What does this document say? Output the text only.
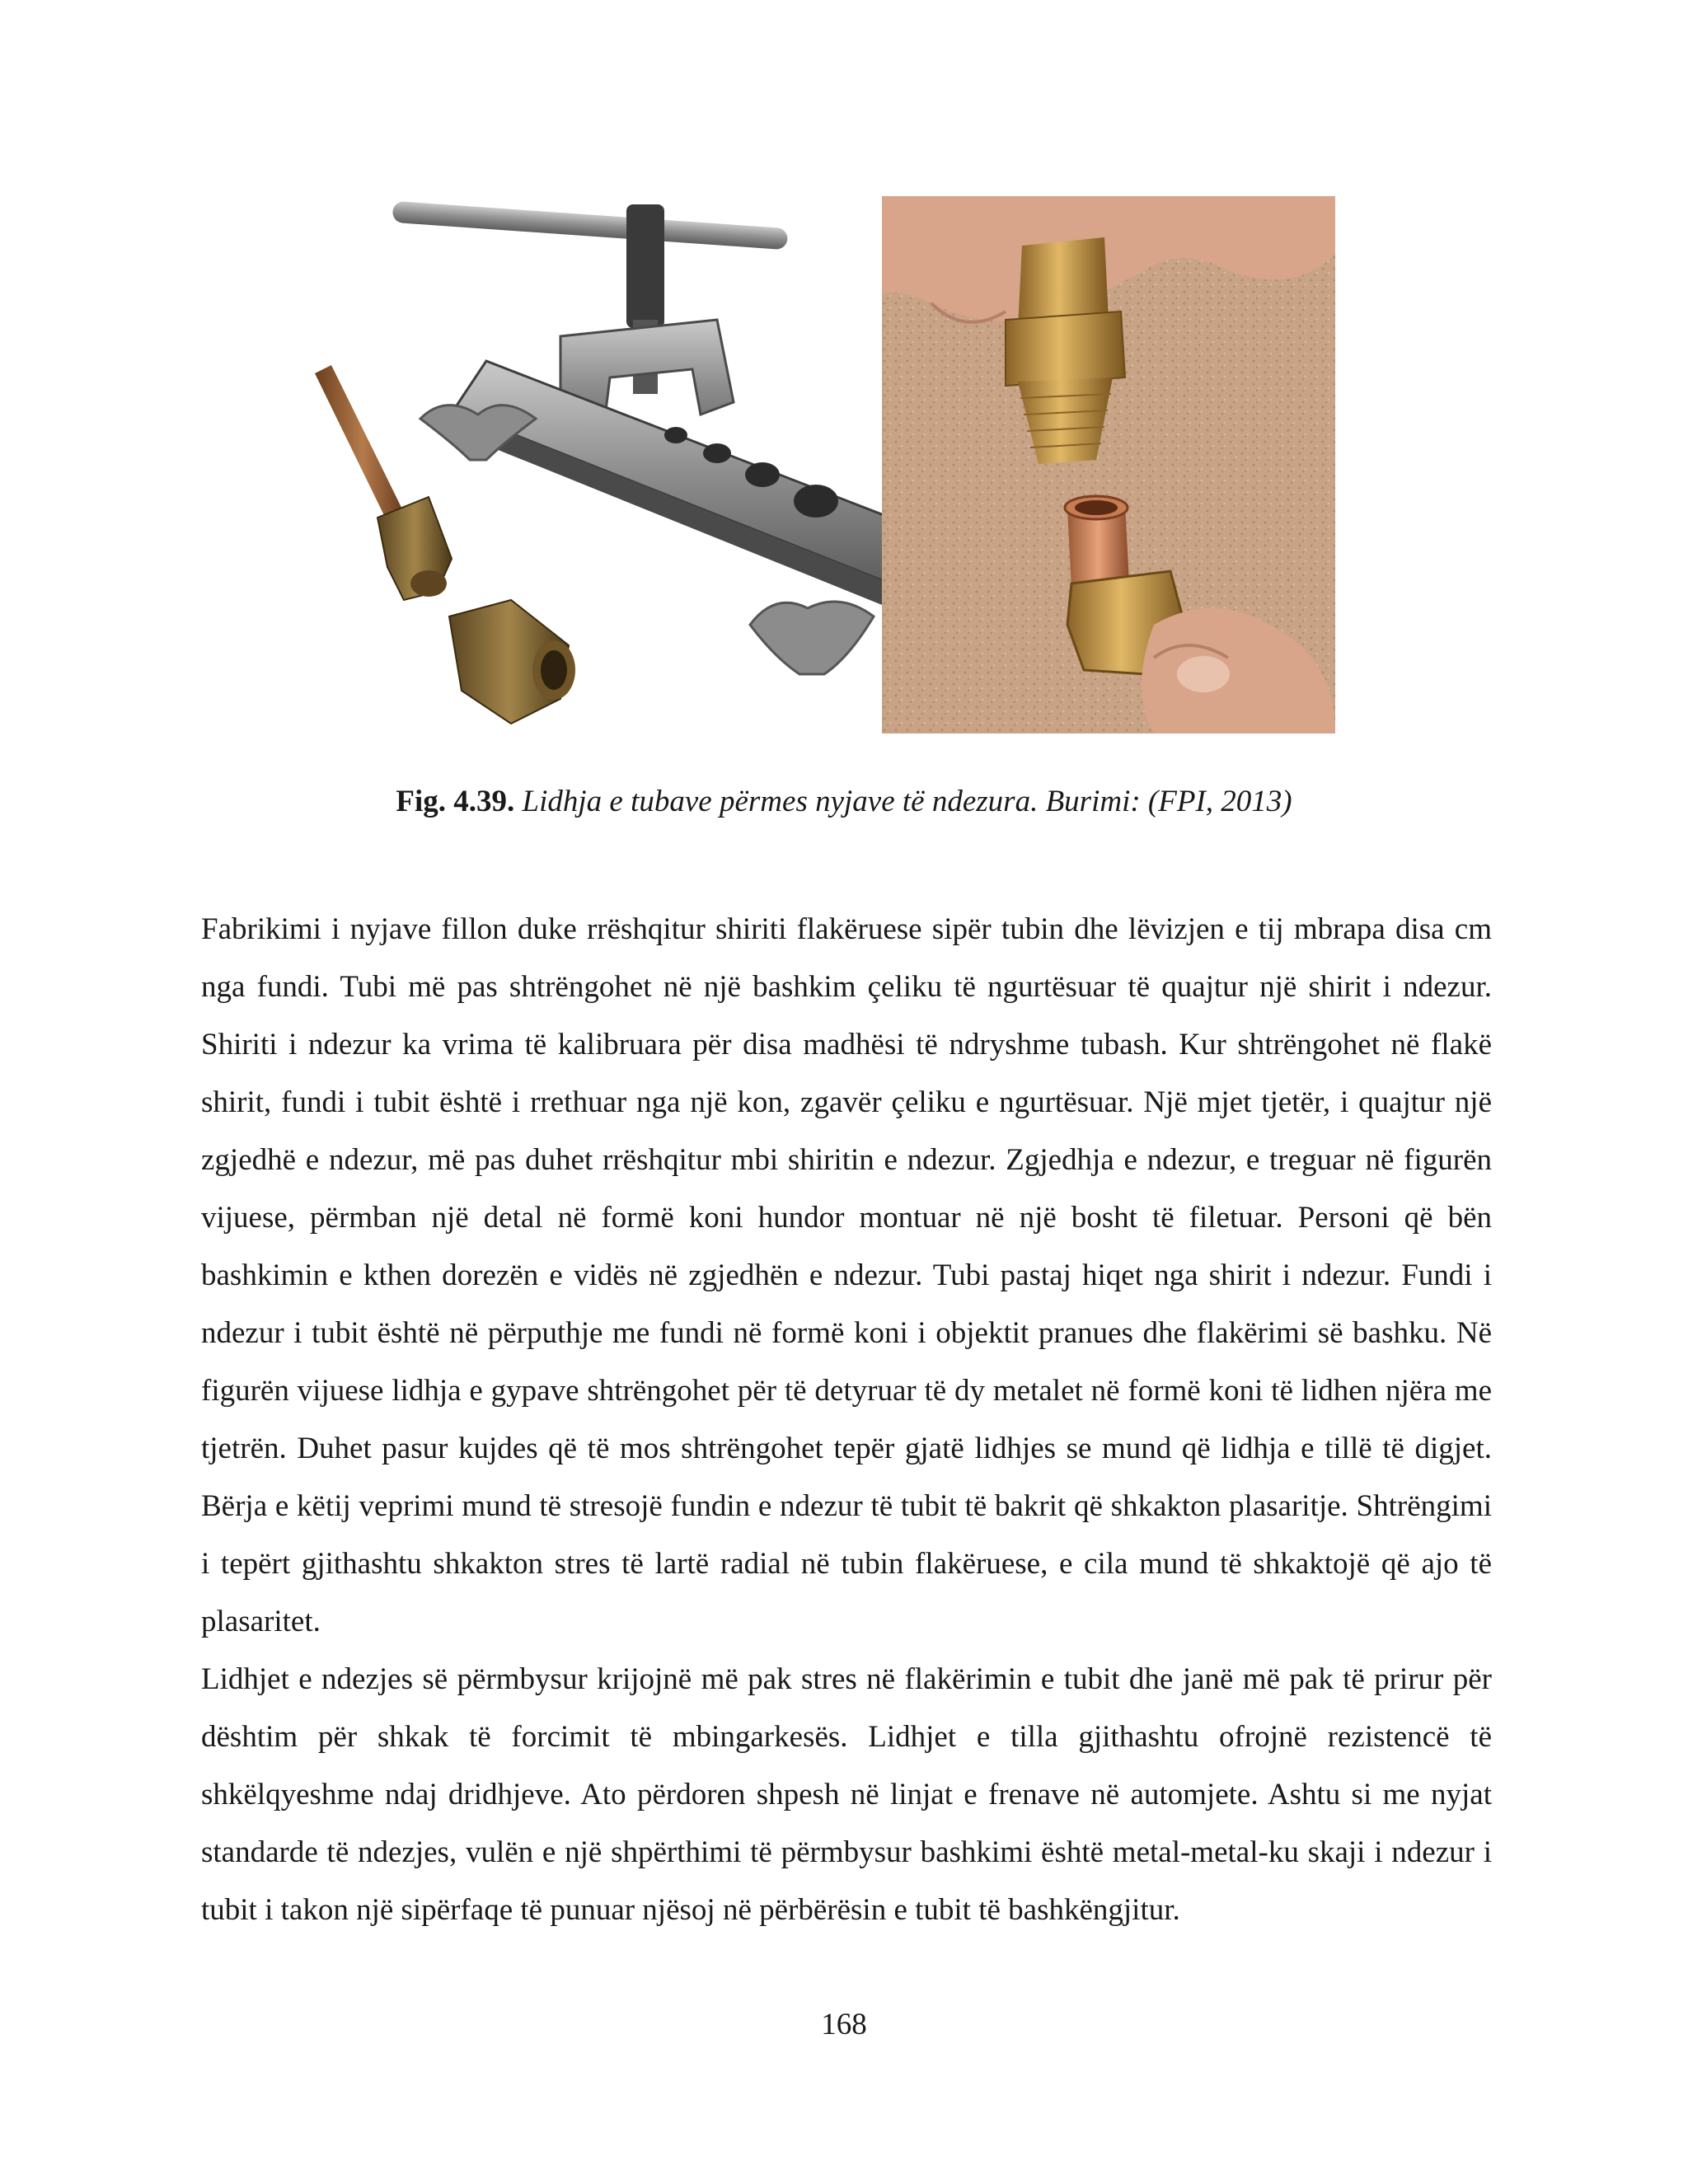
Fig. 4.39. Lidhja e tubave përmes nyjave të ndezura. Burimi: (FPI, 2013)

Fabrikimi i nyjave fillon duke rrëshqitur shiriti flakëruese sipër tubin dhe lëvizjen e tij mbrapa disa cm nga fundi. Tubi më pas shtrëngohet në një bashkim çeliku të ngurtësuar të quajtur një shirit i ndezur. Shiriti i ndezur ka vrima të kalibruara për disa madhësi të ndryshme tubash. Kur shtrëngohet në flakë shirit, fundi i tubit është i rrethuar nga një kon, zgavër çeliku e ngurtësuar. Një mjet tjetër, i quajtur një zgjedhë e ndezur, më pas duhet rrëshqitur mbi shiritin e ndezur. Zgjedhja e ndezur, e treguar në figurën vijuese, përmban një detal në formë koni hundor montuar në një bosht të filetuar. Personi që bën bashkimin e kthen dorezën e vidës në zgjedhën e ndezur. Tubi pastaj hiqet nga shirit i ndezur. Fundi i ndezur i tubit është në përputhje me fundi në formë koni i objektit pranues dhe flakërimi së bashku. Në figurën vijuese lidhja e gypave shtrëngohet për të detyruar të dy metalet në formë koni të lidhen njëra me tjetrën. Duhet pasur kujdes që të mos shtrëngohet tepër gjatë lidhjes se mund që lidhja e tillë të digjet. Bërja e këtij veprimi mund të stresojë fundin e ndezur të tubit të bakrit që shkakton plasaritje. Shtrëngimi i tepërt gjithashtu shkakton stres të lartë radial në tubin flakëruese, e cila mund të shkaktojë që ajo të plasaritet.

Lidhjet e ndezjes së përmbysur krijojnë më pak stres në flakërimin e tubit dhe janë më pak të prirur për dështim për shkak të forcimit të mbingarkesës. Lidhjet e tilla gjithashtu ofrojnë rezistencë të shkëlqyeshme ndaj dridhjeve. Ato përdoren shpesh në linjat e frenave në automjete. Ashtu si me nyjat standarde të ndezjes, vulën e një shpërthimi të përmbysur bashkimi është metal-metal-ku skaji i ndezur i tubit i takon një sipërfaqe të punuar njësoj në përbërësin e tubit të bashkëngjitur.

168
